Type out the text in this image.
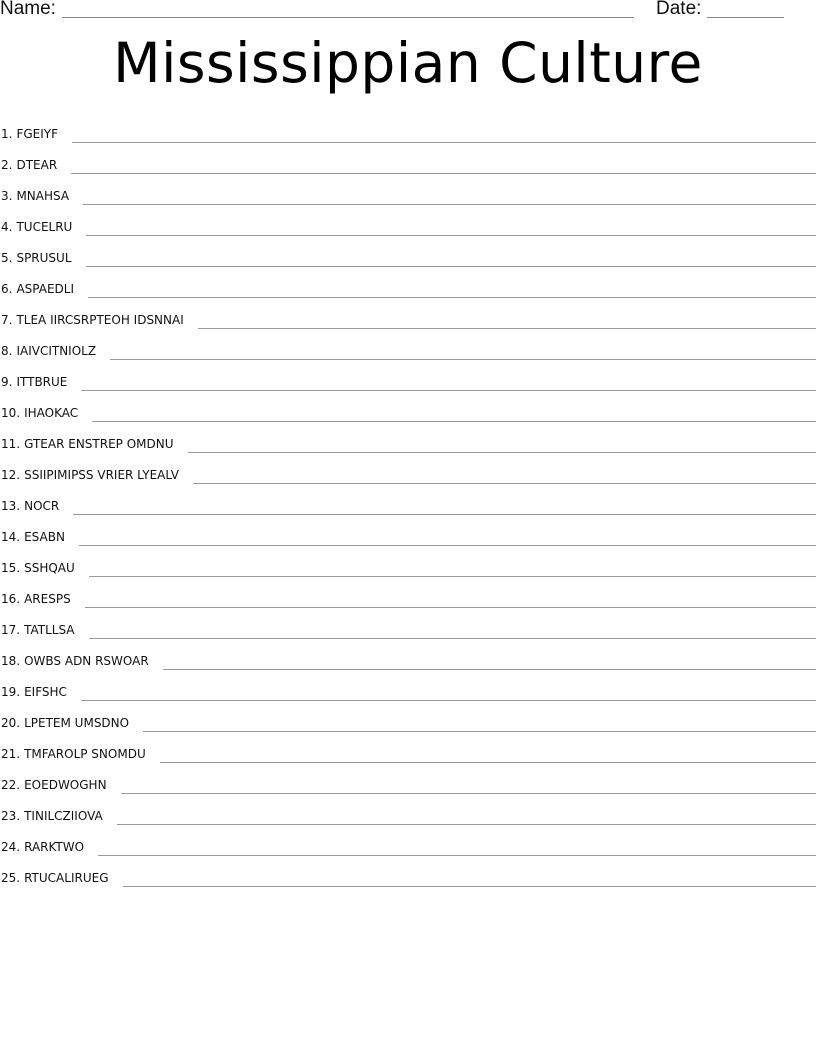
Name:	Date:
Mississippian Culture
1. FGEIYF
2. DTEAR
3. MNAHSA
4. TUCELRU
5. SPRUSUL
6. ASPAEDLI
7. TLEA IIRCSRPTEOH IDSNNAI
8. IAIVCITNIOLZ
9. ITTBRUE
10. IHAOKAC
11. GTEAR ENSTREP OMDNU
12. SSIIPIMIPSS VRIER LYEALV
13. NOCR
14. ESABN
15. SSHQAU
16. ARESPS
17. TATLLSA
18. OWBS ADN RSWOAR
19. EIFSHC
20. LPETEM UMSDNO
21. TMFAROLP SNOMDU
22. EOEDWOGHN
23. TINILCZIIOVA
24. RARKTWO
25. RTUCALIRUEG
